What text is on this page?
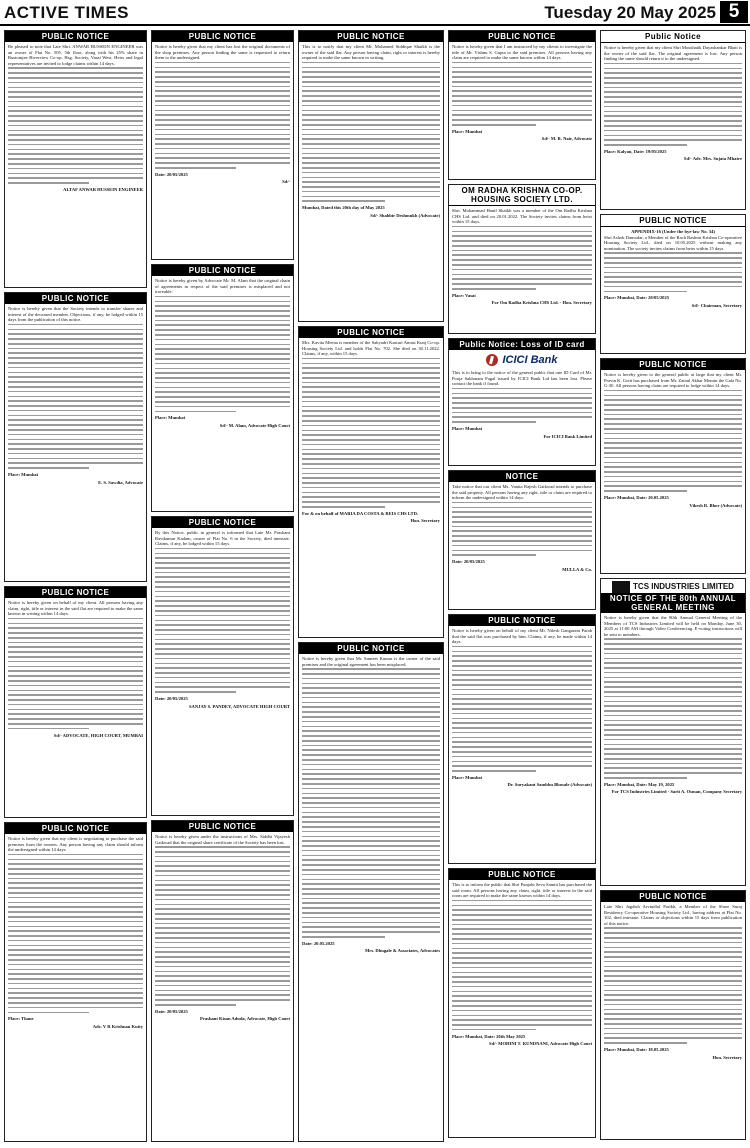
ACTIVE TIMES	Tuesday 20 May 2025 5
PUBLIC NOTICE

Be pleased to note that Late Shri. ANWAR HUSSEIN ENGINEER was an owner of Flat No. 505, 5th floor, along with his 25% share in Rustomjee Riverview Co-op. Hsg. Society, Vasai West. Heirs and legal representatives are invited to lodge claims within 14 days.

ALTAF ANWAR HUSSEIN ENGINEER
PUBLIC NOTICE

Notice is hereby given that the Society intends to transfer shares and interest of the deceased member. Objections, if any, be lodged within 15 days from the publication of this notice.

Place: Mumbai
E. S. Sawdia, Advocate
PUBLIC NOTICE

Notice is hereby given on behalf of my client. All persons having any claim, right, title or interest in the said flat are required to make the same known in writing within 14 days.

Sd/- ADVOCATE, HIGH COURT, MUMBAI
PUBLIC NOTICE

Notice is hereby given that my client is negotiating to purchase the said premises from the owners. Any person having any claim should inform the undersigned within 14 days.

Place: Thane
Adv. V R Krishnan Kutty
PUBLIC NOTICE

Notice is hereby given that my client has lost the original documents of the shop premises. Any person finding the same is requested to return them to the undersigned.

Date: 20/05/2025
Sd/-
PUBLIC NOTICE

Notice is hereby given by Advocate Mr. M. Alam that the original chain of agreements in respect of the said premises is misplaced and not traceable.

Place: Mumbai
Sd/- M. Alam, Advocate High Court
PUBLIC NOTICE

By this Notice, public in general is informed that Late Mr. Prashant Ravikumar Kadam, owner of Flat No. 6 in the Society, died intestate. Claims, if any, be lodged within 15 days.

Date: 20/05/2025
SANJAY S. PANDEY, ADVOCATE HIGH COURT
PUBLIC NOTICE

Notice is hereby given under the instructions of Mrs. Siddhi Vijayesh Gaikwad that the original share certificate of the Society has been lost.

Date: 20/05/2025
Prashant Kisan Aduda, Advocate, High Court
PUBLIC NOTICE

This is to notify that my client Mr. Mohamed Siddique Shaikh is the owner of the said flat. Any person having claim, right or interest is hereby required to make the same known in writing.

Mumbai, Dated this 20th day of May 2025
Sd/- Shabbir Deshmukh (Advocate)
PUBLIC NOTICE

Mrs. Kavita Meena is member of the Sahyadri Kasturi Amrut Kunj Co-op. Housing Society Ltd. and holds Flat No. 702. She died on 30.11.2022. Claims, if any, within 15 days.

For & on behalf of MARIA DA COSTA & REIS CHS LTD.
Hon. Secretary
PUBLIC NOTICE

Notice is hereby given that Mr. Sumeet Kumar is the owner of the said premises and the original agreement has been misplaced.

Date: 20.05.2025
Mrs. Dhugale & Associates, Advocates
PUBLIC NOTICE

Notice is hereby given that I am instructed by my clients to investigate the title of Mr. Vishnu S. Gupta to the said premises. All persons having any claim are required to make the same known within 14 days.

Place: Mumbai
Sd/- M. R. Nair, Advocate
OM RADHA KRISHNA CO-OP. HOUSING SOCIETY LTD.

Shri. Mohammad Hanif Shaikh was a member of the Om Radha Krishna CHS Ltd. and died on 20.01.2022. The Society invites claims from heirs within 15 days.

Place: Vasai
For Om Radha Krishna CHS Ltd. - Hon. Secretary
Public Notice: Loss of ID card
ICICI Bank

This is to bring to the notice of the general public that one ID Card of Mr. Pooja Sakharam Pagal issued by ICICI Bank Ltd has been lost. Please contact the bank if found.

Place: Mumbai
For ICICI Bank Limited
NOTICE

Take notice that our client Ms. Vanita Rajesh Gaikwad intends to purchase the said property. All persons having any right, title or claim are required to inform the undersigned within 14 days.

Date: 20/05/2025
MULLA & Co.
PUBLIC NOTICE

Notice is hereby given on behalf of my client Mr. Nilesh Gangaram Parab that the said flat was purchased by him. Claims, if any, be made within 14 days.

Place: Mumbai
Dr. Suryakant Sambhu Bhosale (Advocate)
PUBLIC NOTICE

This is to inform the public that Shri Punjabi Seva Samiti has purchased the said room. All persons having any claim, right, title or interest in the said room are required to make the same known within 14 days.

Place: Mumbai, Date: 20th May 2025
Sd/- MOHINI T. KUNDNANI, Advocate High Court
Public Notice

Notice is hereby given that my client Shri Moushatik Dayashankar Bhatt is the owner of the said flat. The original agreement is lost. Any person finding the same should return it to the undersigned.

Place: Kalyan, Date: 19/05/2025
Sd/- Adv. Mrs. Sujata Mhatre
PUBLIC NOTICE

APPENDIX-16 (Under the bye-law No. 34)

Shri Ashok Damodar, a Member of the Rach Rashmi Krishna Co-operative Housing Society Ltd., died on 10.05.2025 without making any nomination. The society invites claims from heirs within 15 days.

Place: Mumbai, Date: 20/05/2025
Sd/- Chairman, Secretary
PUBLIC NOTICE

Notice is hereby given to the general public at large that my client Mr. Pravin K. Gotti has purchased from Mr. Zainul Akbar Momin the Gala No. G-30. All persons having claim are required to lodge within 14 days.

Place: Mumbai, Date: 20.05.2025
Vikesh R. Bhor (Advocate)
TCS INDUSTRIES LIMITED
NOTICE OF THE 80th ANNUAL GENERAL MEETING

Notice is hereby given that the 80th Annual General Meeting of the Members of TCS Industries Limited will be held on Monday, June 30, 2025 at 11:00 AM through Video Conferencing. E-voting instructions will be sent to members.

Place: Mumbai, Date: May 19, 2025
For TCS Industries Limited - Sarit A. Osman, Company Secretary
PUBLIC NOTICE

Late Shri Jagdish Arvindlal Parikh, a Member of the Shree Suraj Residency Co-operative Housing Society Ltd., having address at Flat No. 102, died intestate. Claims or objections within 15 days from publication of this notice.

Place: Mumbai, Date: 18.05.2025
Hon. Secretary
